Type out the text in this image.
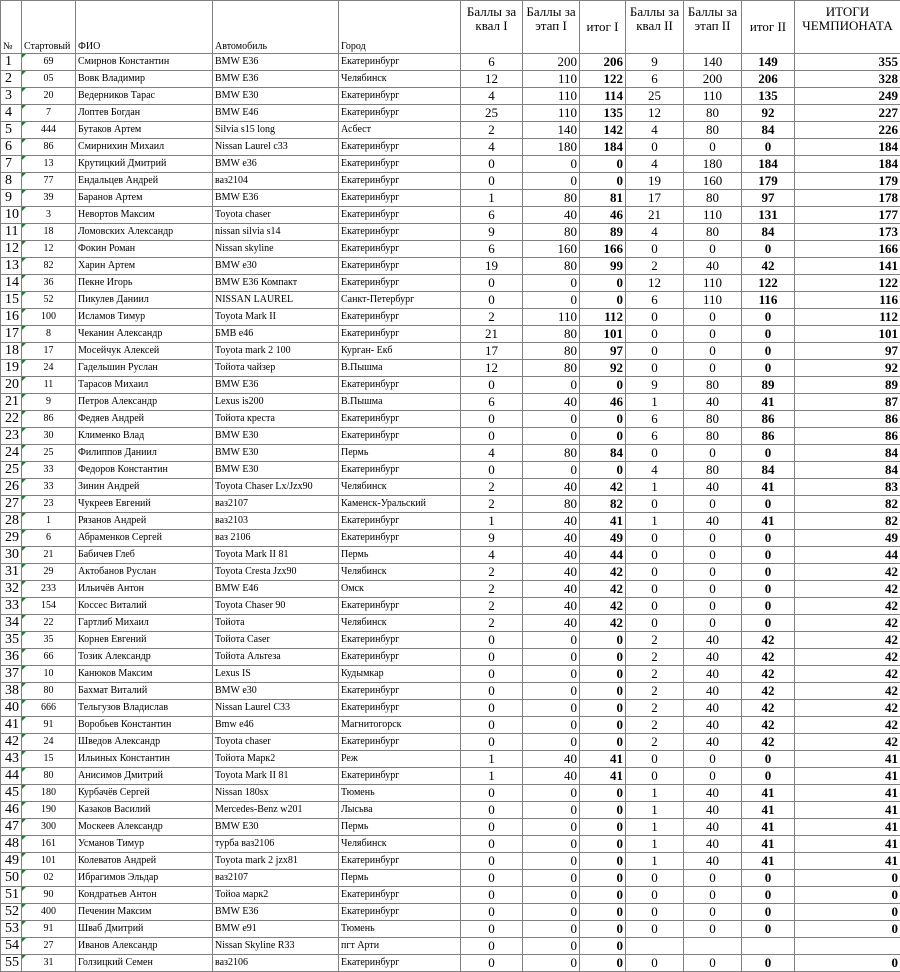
№	Стартовый	ФИО	Автомобиль	Город	Баллы за квал I	Баллы за этап I	итог I	Баллы за квал II	Баллы за этап II	итог II	ИТОГИ ЧЕМПИОНАТА
1	69	Смирнов Константин	BMW E36	Екатеринбург	6	200	206	9	140	149	355
2	05	Вовк Владимир	BMW E36	Челябинск	12	110	122	6	200	206	328
3	20	Ведерников Тарас	BMW E30	Екатеринбург	4	110	114	25	110	135	249
4	7	Лоптев Богдан	BMW E46	Екатеринбург	25	110	135	12	80	92	227
5	444	Бутаков Артем	Silvia s15 long	Асбест	2	140	142	4	80	84	226
6	86	Смирнихин Михаил	Nissan Laurel c33	Екатеринбург	4	180	184	0	0	0	184
7	13	Крутицкий Дмитрий	BMW e36	Екатеринбург	0	0	0	4	180	184	184
8	77	Ендальцев Андрей	ваз2104	Екатеринбург	0	0	0	19	160	179	179
9	39	Баранов Артем	BMW E36	Екатеринбург	1	80	81	17	80	97	178
10	3	Невортов Максим	Toyota chaser	Екатеринбург	6	40	46	21	110	131	177
11	18	Ломовских Александр	nissan silvia s14	Екатеринбург	9	80	89	4	80	84	173
12	12	Фокин Роман	Nissan skyline	Екатеринбург	6	160	166	0	0	0	166
13	82	Харин Артем	BMW e30	Екатеринбург	19	80	99	2	40	42	141
14	36	Пекне Игорь	BMW E36 Компакт	Екатеринбург	0	0	0	12	110	122	122
15	52	Пикулев Даниил	NISSAN LAUREL	Санкт-Петербург	0	0	0	6	110	116	116
16	100	Исламов Тимур	Toyota Mark II	Екатеринбург	2	110	112	0	0	0	112
17	8	Чеканин Александр	БМВ е46	Екатеринбург	21	80	101	0	0	0	101
18	17	Мосейчук Алексей	Toyota mark 2 100	Курган- Екб	17	80	97	0	0	0	97
19	24	Гадельшин Руслан	Тойота чайзер	В.Пышма	12	80	92	0	0	0	92
20	11	Тарасов Михаил	BMW E36	Екатеринбург	0	0	0	9	80	89	89
21	9	Петров Александр	Lexus is200	В.Пышма	6	40	46	1	40	41	87
22	86	Федяев Андрей	Тойота креста	Екатеринбург	0	0	0	6	80	86	86
23	30	Клименко Влад	BMW E30	Екатеринбург	0	0	0	6	80	86	86
24	25	Филиппов Даниил	BMW E30	Пермь	4	80	84	0	0	0	84
25	33	Федоров Константин	BMW E30	Екатеринбург	0	0	0	4	80	84	84
26	33	Зинин Андрей	Toyota Chaser Lx/Jzx90	Челябинск	2	40	42	1	40	41	83
27	23	Чукреев Евгений	ваз2107	Каменск-Уральский	2	80	82	0	0	0	82
28	1	Рязанов Андрей	ваз2103	Екатеринбург	1	40	41	1	40	41	82
29	6	Абраменков Сергей	ваз 2106	Екатеринбург	9	40	49	0	0	0	49
30	21	Бабичев Глеб	Toyota Mark II 81	Пермь	4	40	44	0	0	0	44
31	29	Актобанов Руслан	Toyota Cresta Jzx90	Челябинск	2	40	42	0	0	0	42
32	233	Ильичёв Антон	BMW E46	Омск	2	40	42	0	0	0	42
33	154	Коссес Виталий	Toyota Chaser 90	Екатеринбург	2	40	42	0	0	0	42
34	22	Гартлиб Михаил	Тойота	Челябинск	2	40	42	0	0	0	42
35	35	Корнев Евгений	Тойота Caser	Екатеринбург	0	0	0	2	40	42	42
36	66	Тозик Александр	Тойота Альтеза	Екатеринбург	0	0	0	2	40	42	42
37	10	Канюков Максим	Lexus IS	Кудымкар	0	0	0	2	40	42	42
38	80	Бахмат Виталий	BMW e30	Екатеринбург	0	0	0	2	40	42	42
40	666	Тельгузов Владислав	Nissan Laurel C33	Екатеринбург	0	0	0	2	40	42	42
41	91	Воробьев Константин	Bmw e46	Магнитогорск	0	0	0	2	40	42	42
42	24	Шведов Александр	Toyota chaser	Екатеринбург	0	0	0	2	40	42	42
43	15	Ильиных Константин	Тойота Марк2	Реж	1	40	41	0	0	0	41
44	80	Анисимов Дмитрий	Toyota Mark II 81	Екатеринбург	1	40	41	0	0	0	41
45	180	Курбачёв Сергей	Nissan 180sx	Тюмень	0	0	0	1	40	41	41
46	190	Казаков Василий	Mercedes-Benz w201	Лысьва	0	0	0	1	40	41	41
47	300	Москеев Александр	BMW E30	Пермь	0	0	0	1	40	41	41
48	161	Усманов Тимур	турба ваз2106	Челябинск	0	0	0	1	40	41	41
49	101	Колеватов Андрей	Toyota mark 2 jzx81	Екатеринбург	0	0	0	1	40	41	41
50	02	Ибрагимов Эльдар	ваз2107	Пермь	0	0	0	0	0	0	0
51	90	Кондратьев Антон	Тойоа марк2	Екатеринбург	0	0	0	0	0	0	0
52	400	Печенин Максим	BMW E36	Екатеринбург	0	0	0	0	0	0	0
53	91	Шваб Дмитрий	BMW e91	Тюмень	0	0	0	0	0	0	0
54	27	Иванов Александр	Nissan Skyline R33	пгт Арти	0	0	0				
55	31	Голзицкий Семен	ваз2106	Екатеринбург	0	0	0	0	0	0	0
